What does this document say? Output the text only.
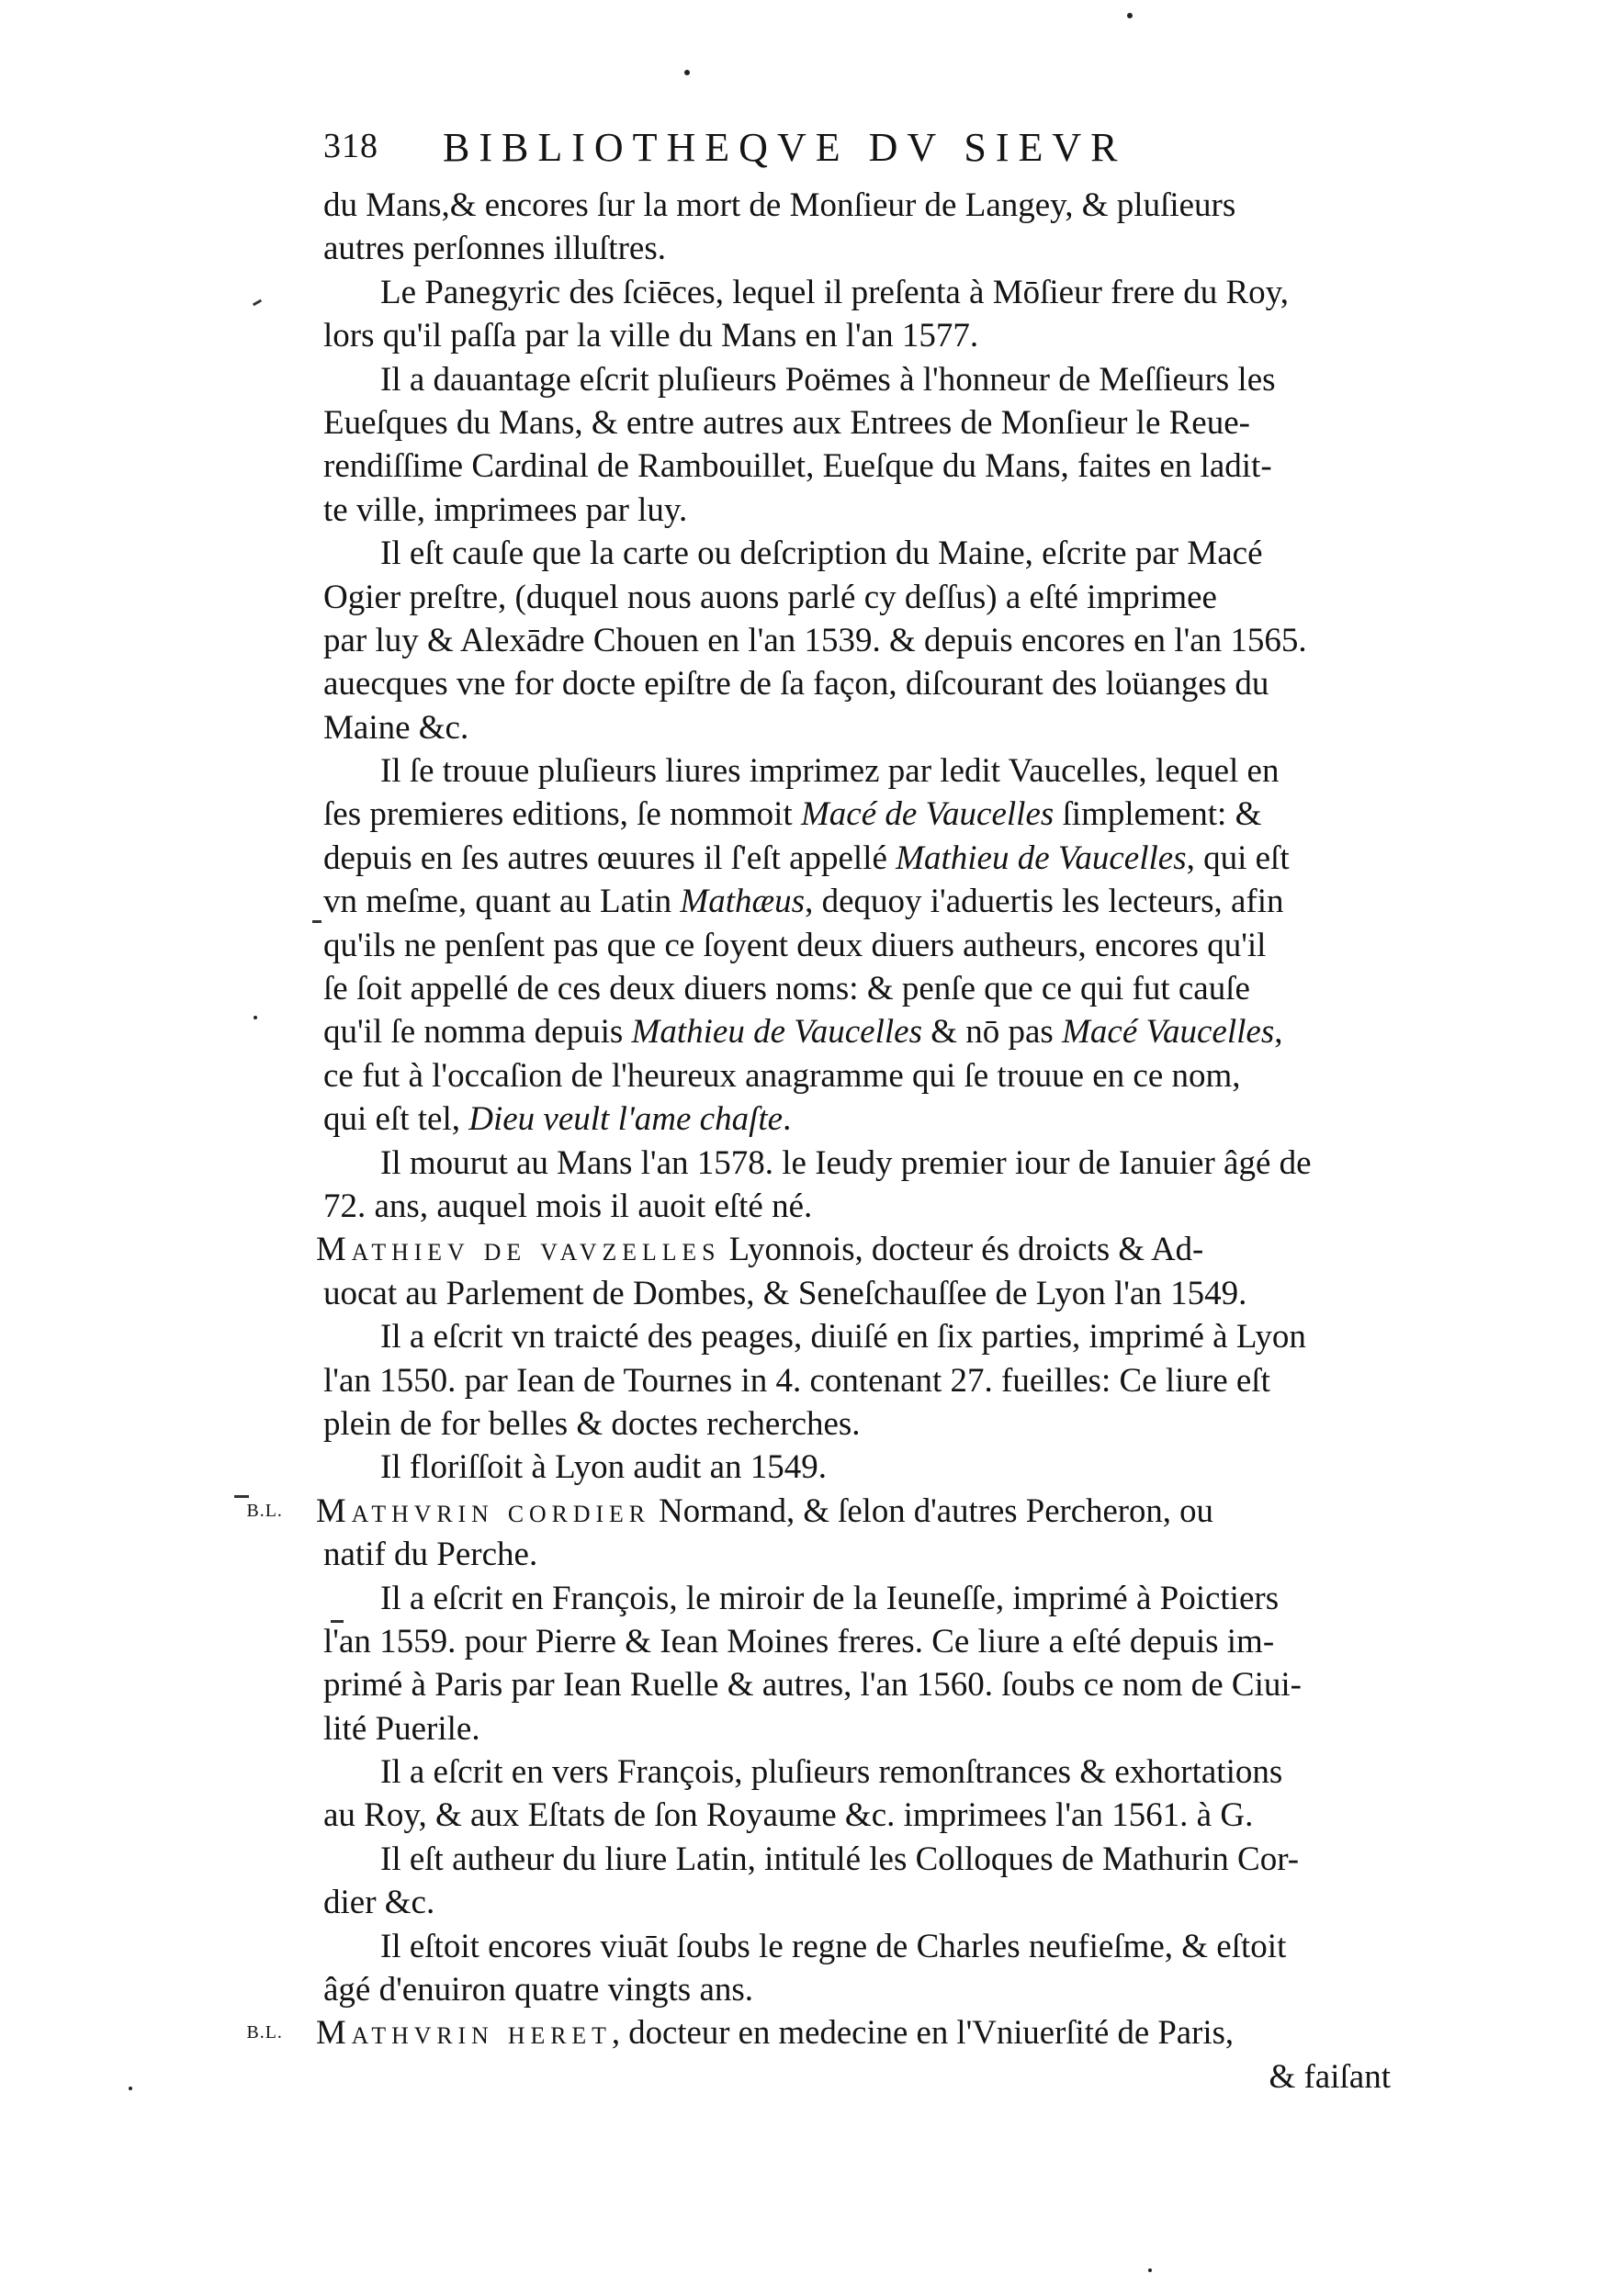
318 BIBLIOTHEQVE DV SIEVR
du Mans,& encores ſur la mort de Monſieur de Langey, & pluſieurs
autres perſonnes illuſtres.
Le Panegyric des ſciēces, lequel il preſenta à Mōſieur frere du Roy,
lors qu'il paſſa par la ville du Mans en l'an 1577.
Il a dauantage eſcrit pluſieurs Poëmes à l'honneur de Meſſieurs les
Eueſques du Mans, & entre autres aux Entrees de Monſieur le Reue-
rendiſſime Cardinal de Rambouillet, Eueſque du Mans, faites en ladit-
te ville, imprimees par luy.
Il eſt cauſe que la carte ou deſcription du Maine, eſcrite par Macé
Ogier preſtre, (duquel nous auons parlé cy deſſus) a eſté imprimee
par luy & Alexādre Chouen en l'an 1539. & depuis encores en l'an 1565.
auecques vne for docte epiſtre de ſa façon, diſcourant des loüanges du
Maine &c.
Il ſe trouue pluſieurs liures imprimez par ledit Vaucelles, lequel en
ſes premieres editions, ſe nommoit Macé de Vaucelles ſimplement: &
depuis en ſes autres œuures il ſ'eſt appellé Mathieu de Vaucelles, qui eſt
vn meſme, quant au Latin Mathæus, dequoy i'aduertis les lecteurs, afin
qu'ils ne penſent pas que ce ſoyent deux diuers autheurs, encores qu'il
ſe ſoit appellé de ces deux diuers noms: & penſe que ce qui fut cauſe
qu'il ſe nomma depuis Mathieu de Vaucelles & nō pas Macé Vaucelles,
ce fut à l'occaſion de l'heureux anagramme qui ſe trouue en ce nom,
qui eſt tel, Dieu veult l'ame chaſte.
Il mourut au Mans l'an 1578. le Ieudy premier iour de Ianuier âgé de
72. ans, auquel mois il auoit eſté né.
Mathiev de vavzelles Lyonnois, docteur és droicts & Ad-
uocat au Parlement de Dombes, & Seneſchauſſee de Lyon l'an 1549.
Il a eſcrit vn traicté des peages, diuiſé en ſix parties, imprimé à Lyon
l'an 1550. par Iean de Tournes in 4. contenant 27. fueilles: Ce liure eſt
plein de for belles & doctes recherches.
Il floriſſoit à Lyon audit an 1549.
B.L. Mathvrin cordier Normand, & ſelon d'autres Percheron, ou
natif du Perche.
Il a eſcrit en François, le miroir de la Ieuneſſe, imprimé à Poictiers
l'an 1559. pour Pierre & Iean Moines freres. Ce liure a eſté depuis im-
primé à Paris par Iean Ruelle & autres, l'an 1560. ſoubs ce nom de Ciui-
lité Puerile.
Il a eſcrit en vers François, pluſieurs remonſtrances & exhortations
au Roy, & aux Eſtats de ſon Royaume &c. imprimees l'an 1561. à G.
Il eſt autheur du liure Latin, intitulé les Colloques de Mathurin Cor-
dier &c.
Il eſtoit encores viuāt ſoubs le regne de Charles neufieſme, & eſtoit
âgé d'enuiron quatre vingts ans.
B.L. Mathvrin heret, docteur en medecine en l'Vniuerſité de Paris,
& faiſant
